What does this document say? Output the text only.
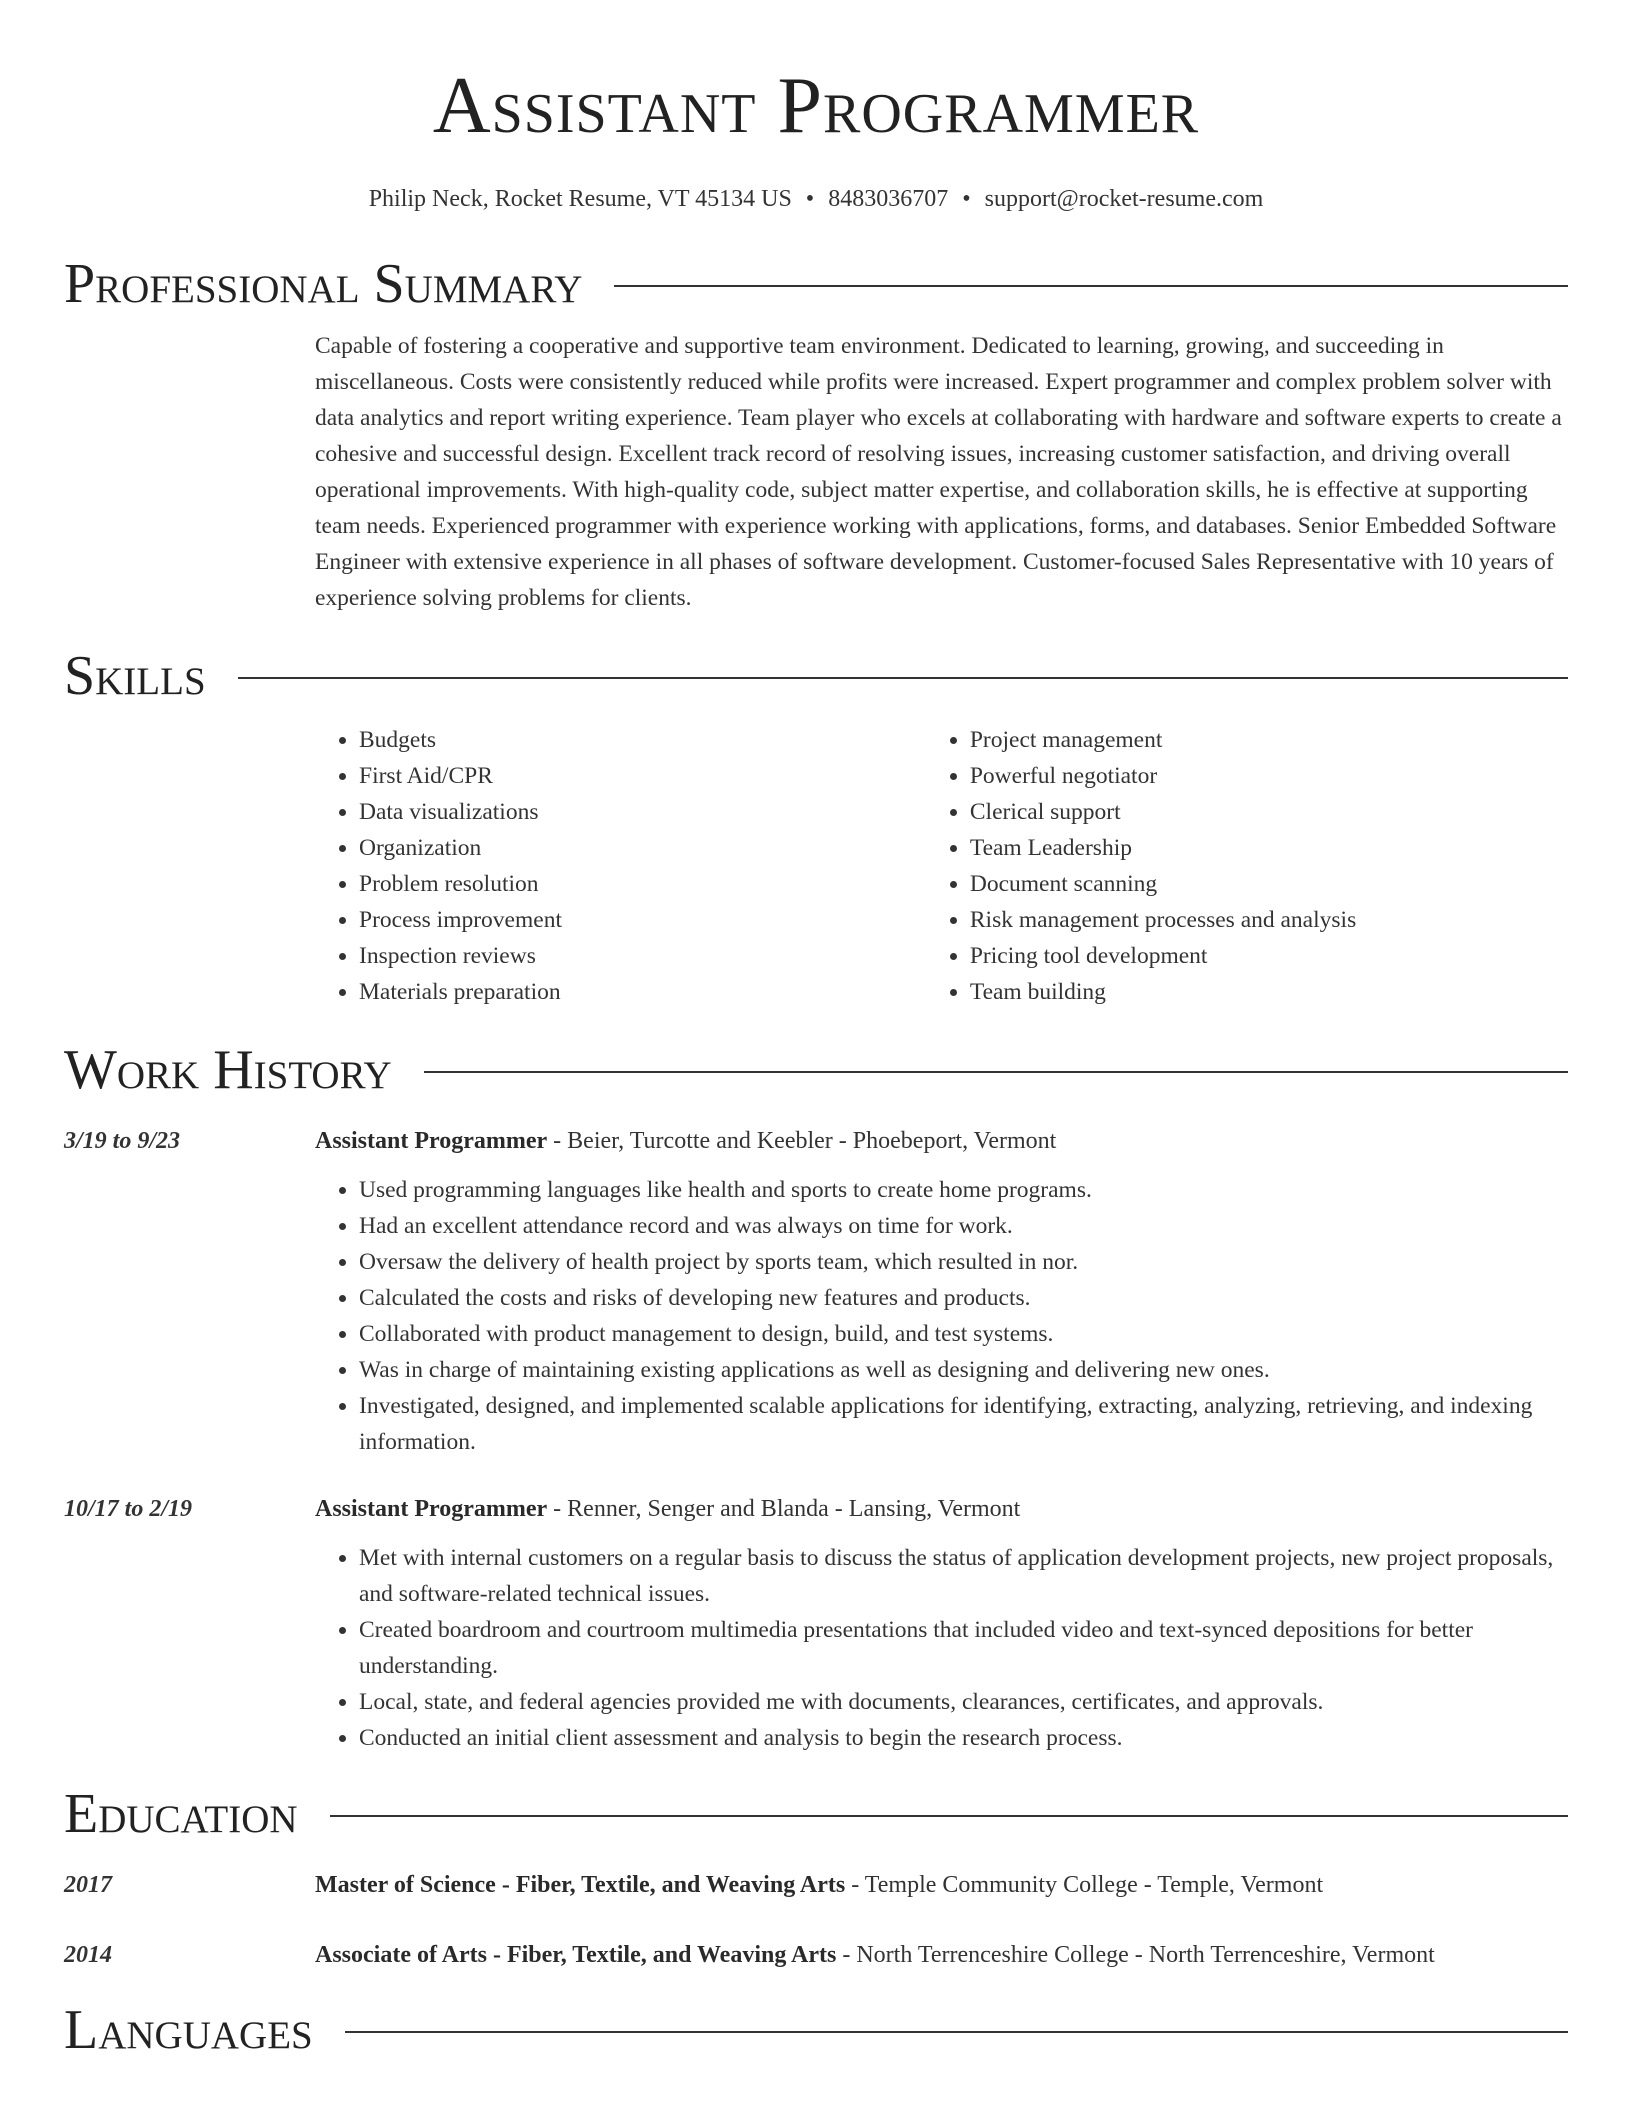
Assistant Programmer
Philip Neck, Rocket Resume, VT 45134 US • 8483036707 • support@rocket-resume.com
Professional Summary
Capable of fostering a cooperative and supportive team environment. Dedicated to learning, growing, and succeeding in miscellaneous. Costs were consistently reduced while profits were increased. Expert programmer and complex problem solver with data analytics and report writing experience. Team player who excels at collaborating with hardware and software experts to create a cohesive and successful design. Excellent track record of resolving issues, increasing customer satisfaction, and driving overall operational improvements. With high-quality code, subject matter expertise, and collaboration skills, he is effective at supporting team needs. Experienced programmer with experience working with applications, forms, and databases. Senior Embedded Software Engineer with extensive experience in all phases of software development. Customer-focused Sales Representative with 10 years of experience solving problems for clients.
Skills
• Budgets
• First Aid/CPR
• Data visualizations
• Organization
• Problem resolution
• Process improvement
• Inspection reviews
• Materials preparation
• Project management
• Powerful negotiator
• Clerical support
• Team Leadership
• Document scanning
• Risk management processes and analysis
• Pricing tool development
• Team building
Work History
3/19 to 9/23	Assistant Programmer - Beier, Turcotte and Keebler - Phoebeport, Vermont
• Used programming languages like health and sports to create home programs.
• Had an excellent attendance record and was always on time for work.
• Oversaw the delivery of health project by sports team, which resulted in nor.
• Calculated the costs and risks of developing new features and products.
• Collaborated with product management to design, build, and test systems.
• Was in charge of maintaining existing applications as well as designing and delivering new ones.
• Investigated, designed, and implemented scalable applications for identifying, extracting, analyzing, retrieving, and indexing information.
10/17 to 2/19	Assistant Programmer - Renner, Senger and Blanda - Lansing, Vermont
• Met with internal customers on a regular basis to discuss the status of application development projects, new project proposals, and software-related technical issues.
• Created boardroom and courtroom multimedia presentations that included video and text-synced depositions for better understanding.
• Local, state, and federal agencies provided me with documents, clearances, certificates, and approvals.
• Conducted an initial client assessment and analysis to begin the research process.
Education
2017	Master of Science - Fiber, Textile, and Weaving Arts - Temple Community College - Temple, Vermont
2014	Associate of Arts - Fiber, Textile, and Weaving Arts - North Terrenceshire College - North Terrenceshire, Vermont
Languages
